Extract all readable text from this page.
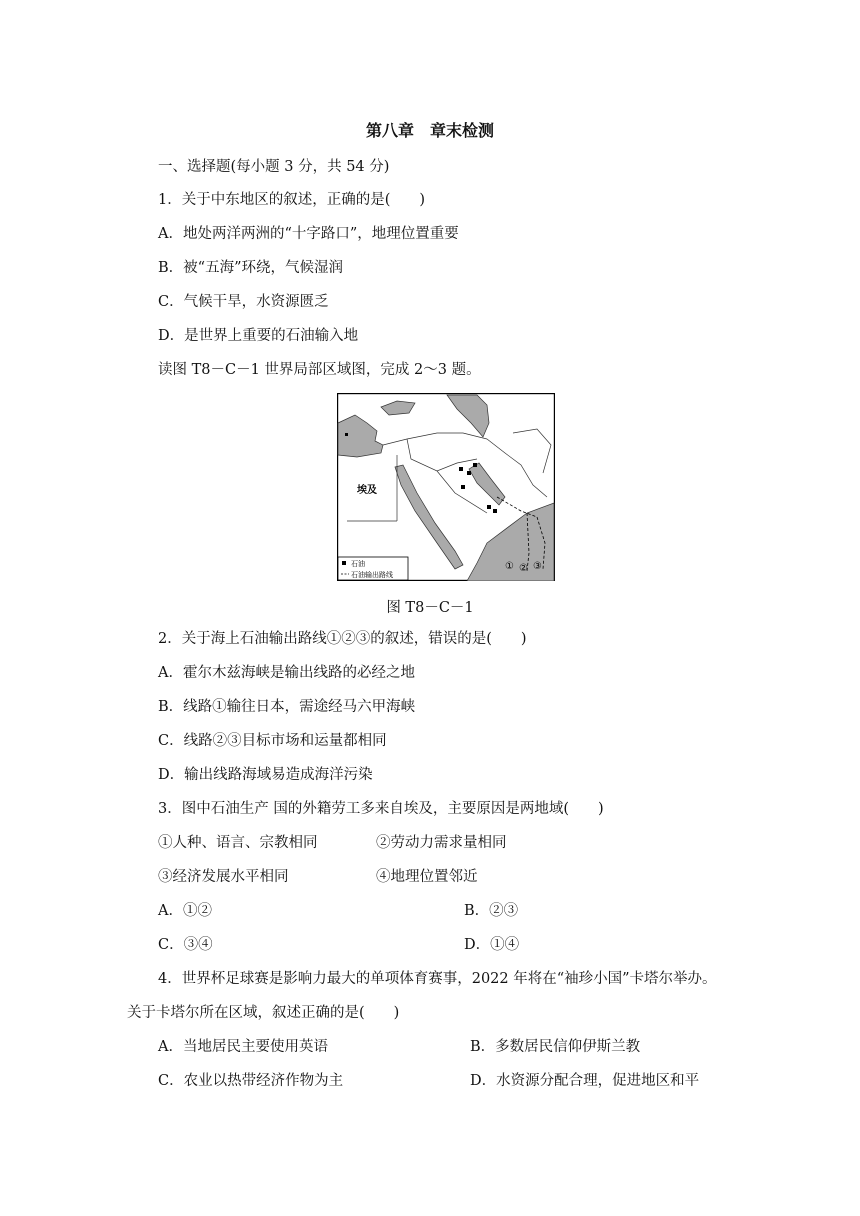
第八章　章末检测
一、选择题(每小题 3 分，共 54 分)
1．关于中东地区的叙述，正确的是(　　)
A．地处两洋两洲的“十字路口”，地理位置重要
B．被“五海”环绕，气候湿润
C．气候干旱，水资源匮乏
D．是世界上重要的石油输入地
读图 T8－C－1 世界局部区域图，完成 2～3 题。
埃及
① ② ③
石油
石油输出路线
图 T8－C－1
2．关于海上石油输出路线①②③的叙述，错误的是(　　)
A．霍尔木兹海峡是输出线路的必经之地
B．线路①输往日本，需途经马六甲海峡
C．线路②③目标市场和运量都相同
D．输出线路海域易造成海洋污染
3．图中石油生产 国的外籍劳工多来自埃及，主要原因是两地域(　　)
①人种、语言、宗教相同	②劳动力需求量相同
③经济发展水平相同	④地理位置邻近
A．①②	B．②③
C．③④	D．①④
4．世界杯足球赛是影响力最大的单项体育赛事，2022 年将在“袖珍小国”卡塔尔举办。
关于卡塔尔所在区域，叙述正确的是(　　)
A．当地居民主要使用英语	B．多数居民信仰伊斯兰教
C．农业以热带经济作物为主	D．水资源分配合理，促进地区和平
